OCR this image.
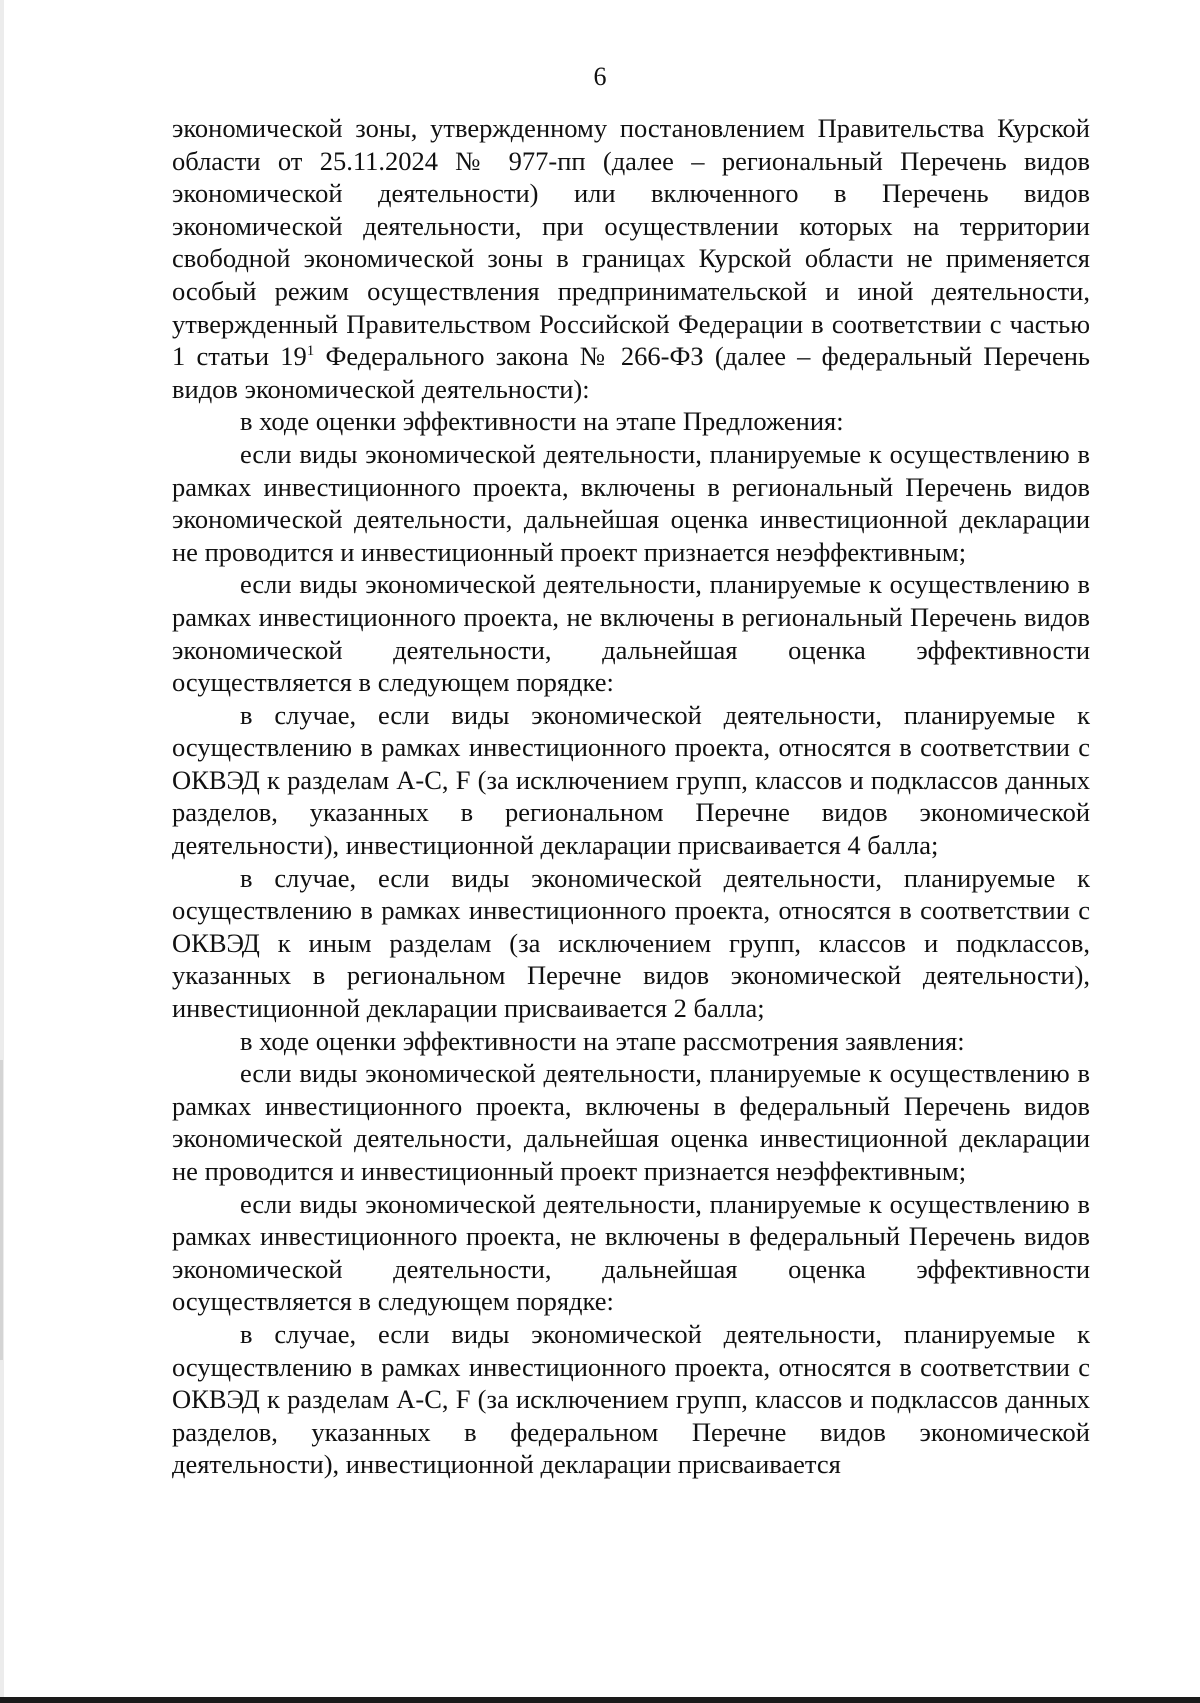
6

экономической зоны, утвержденному постановлением Правительства Курской области от 25.11.2024 № 977-пп (далее – региональный Перечень видов экономической деятельности) или включенного в Перечень видов экономической деятельности, при осуществлении которых на территории свободной экономической зоны в границах Курской области не применяется особый режим осуществления предпринимательской и иной деятельности, утвержденный Правительством Российской Федерации в соответствии с частью 1 статьи $19^1$ Федерального закона № 266-ФЗ (далее – федеральный Перечень видов экономической деятельности):

в ходе оценки эффективности на этапе Предложения:

если виды экономической деятельности, планируемые к осуществлению в рамках инвестиционного проекта, включены в региональный Перечень видов экономической деятельности, дальнейшая оценка инвестиционной декларации не проводится и инвестиционный проект признается неэффективным;

если виды экономической деятельности, планируемые к осуществлению в рамках инвестиционного проекта, не включены в региональный Перечень видов экономической деятельности, дальнейшая оценка эффективности осуществляется в следующем порядке:

в случае, если виды экономической деятельности, планируемые к осуществлению в рамках инвестиционного проекта, относятся в соответствии с ОКВЭД к разделам А-С, F (за исключением групп, классов и подклассов данных разделов, указанных в региональном Перечне видов экономической деятельности), инвестиционной декларации присваивается 4 балла;

в случае, если виды экономической деятельности, планируемые к осуществлению в рамках инвестиционного проекта, относятся в соответствии с ОКВЭД к иным разделам (за исключением групп, классов и подклассов, указанных в региональном Перечне видов экономической деятельности), инвестиционной декларации присваивается 2 балла;

в ходе оценки эффективности на этапе рассмотрения заявления:

если виды экономической деятельности, планируемые к осуществлению в рамках инвестиционного проекта, включены в федеральный Перечень видов экономической деятельности, дальнейшая оценка инвестиционной декларации не проводится и инвестиционный проект признается неэффективным;

если виды экономической деятельности, планируемые к осуществлению в рамках инвестиционного проекта, не включены в федеральный Перечень видов экономической деятельности, дальнейшая оценка эффективности осуществляется в следующем порядке:

в случае, если виды экономической деятельности, планируемые к осуществлению в рамках инвестиционного проекта, относятся в соответствии с ОКВЭД к разделам А-С, F (за исключением групп, классов и подклассов данных разделов, указанных в федеральном Перечне видов экономической деятельности), инвестиционной декларации присваивается
